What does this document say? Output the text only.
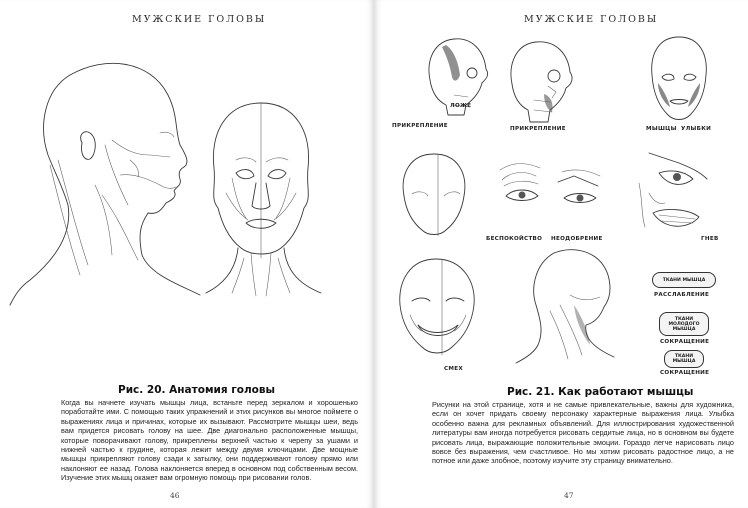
МУЖСКИЕ ГОЛОВЫ
Рис. 20. Анатомия головы
Когда вы начнете изучать мышцы лица, встаньте перед зеркалом и хорошенько поработайте ими. С помощью таких упражнений и этих рисунков вы многое поймете о выражениях лица и причинах, которые их вызывают. Рассмотрите мышцы шеи, ведь вам придется рисовать голову на шее. Две диагонально расположенные мышцы, которые поворачивают голову, прикреплены верхней частью к черепу за ушами и нижней частью к грудине, которая лежит между двумя ключицами. Две мощные мышцы прикрепляют голову сзади к затылку, они поддерживают голову прямо или наклоняют ее назад. Голова наклоняется вперед в основном под собственным весом. Изучение этих мышц окажет вам огромную помощь при рисовании голов.
46
МУЖСКИЕ ГОЛОВЫ
ЛОЖЕ
ПРИКРЕПЛЕНИЕ	ПРИКРЕПЛЕНИЕ	МЫШЦЫ УЛЫБКИ
БЕСПОКОЙСТВО НЕОДОБРЕНИЕ	ГНЕВ
СМЕХ
ТКАНИ МЫШЦА
РАССЛАБЛЕНИЕ
ТКАНИ МОЛОДОГО МЫШЦА
СОКРАЩЕНИЕ
ТКАНИ МЫШЦА
СОКРАЩЕНИЕ
Рис. 21. Как работают мышцы
Рисунки на этой странице, хотя и не самые привлекательные, важны для художника, если он хочет придать своему персонажу характерные выражения лица. Улыбка особенно важна для рекламных объявлений. Для иллюстрирования художественной литературы вам иногда потребуется рисовать сердитые лица, но в основном вы будете рисовать лица, выражающие положительные эмоции. Гораздо легче нарисовать лицо вовсе без выражения, чем счастливое. Но мы хотим рисовать радостное лицо, а не потное или даже злобное, поэтому изучите эту страницу внимательно.
47
